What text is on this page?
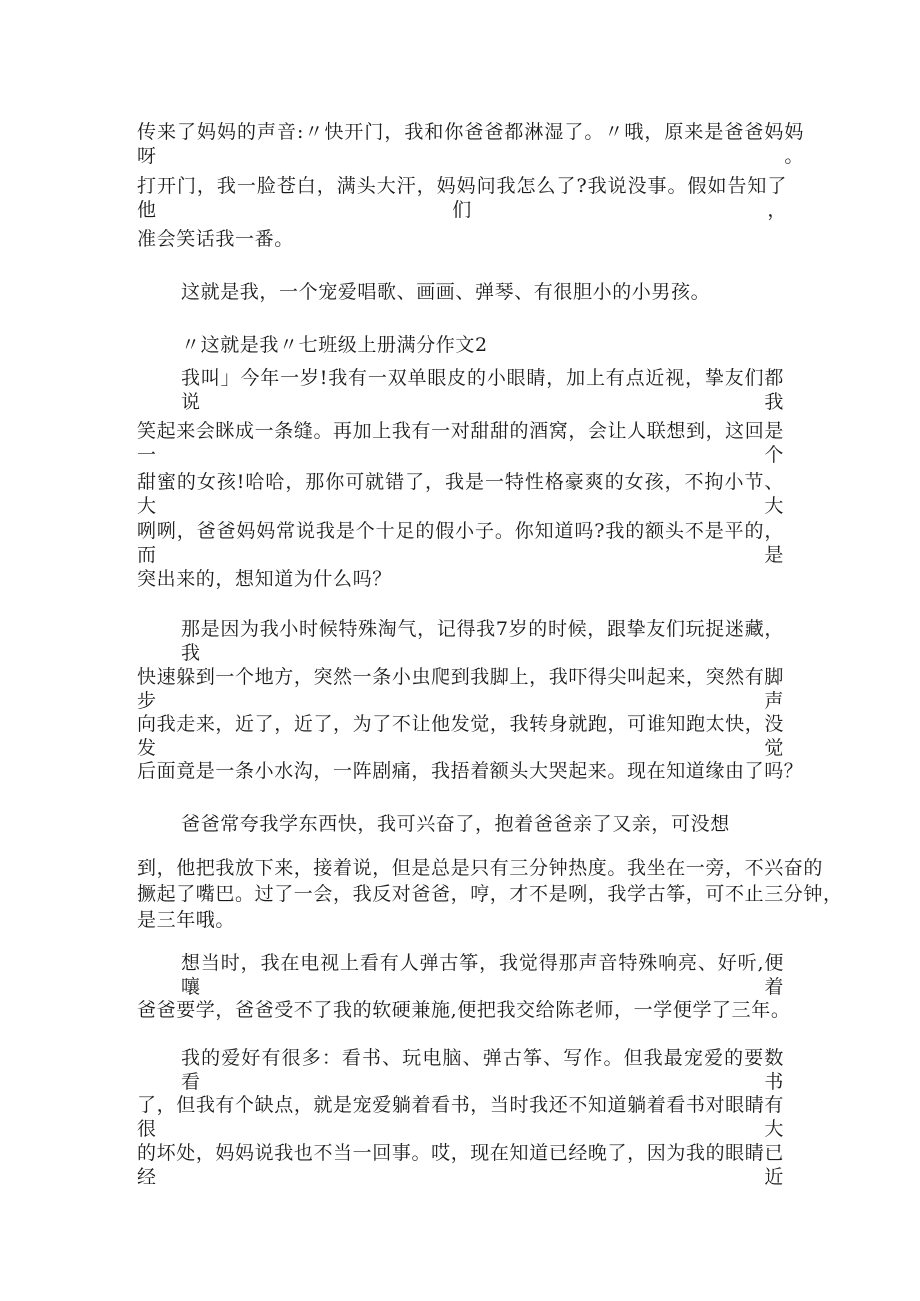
传来了妈妈的声音:〃快开门，我和你爸爸都淋湿了。〃哦，原来是爸爸妈妈呀。
打开门，我一脸苍白，满头大汗，妈妈问我怎么了?我说没事。假如告知了他们，
准会笑话我一番。
这就是我，一个宠爱唱歌、画画、弹琴、有很胆小的小男孩。
〃这就是我〃七班级上册满分作文2
我叫」今年一岁!我有一双单眼皮的小眼睛，加上有点近视，挚友们都说我
笑起来会眯成一条缝。再加上我有一对甜甜的酒窝，会让人联想到，这回是一个
甜蜜的女孩!哈哈，那你可就错了，我是一特性格豪爽的女孩，不拘小节、大大
咧咧，爸爸妈妈常说我是个十足的假小子。你知道吗?我的额头不是平的，而是
突出来的，想知道为什么吗？
那是因为我小时候特殊淘气，记得我7岁的时候，跟挚友们玩捉迷藏，我
快速躲到一个地方，突然一条小虫爬到我脚上，我吓得尖叫起来，突然有脚步声
向我走来，近了，近了，为了不让他发觉，我转身就跑，可谁知跑太快，没发觉
后面竟是一条小水沟，一阵剧痛，我捂着额头大哭起来。现在知道缘由了吗？
爸爸常夸我学东西快，我可兴奋了，抱着爸爸亲了又亲，可没想
到，他把我放下来，接着说，但是总是只有三分钟热度。我坐在一旁，不兴奋的
撅起了嘴巴。过了一会，我反对爸爸，哼，才不是咧，我学古筝，可不止三分钟，
是三年哦。
想当时，我在电视上看有人弹古筝，我觉得那声音特殊响亮、好听,便嚷着
爸爸要学，爸爸受不了我的软硬兼施,便把我交给陈老师，一学便学了三年。
我的爱好有很多：看书、玩电脑、弹古筝、写作。但我最宠爱的要数看书
了，但我有个缺点，就是宠爱躺着看书，当时我还不知道躺着看书对眼睛有很大
的坏处，妈妈说我也不当一回事。哎，现在知道已经晚了，因为我的眼睛已经近
